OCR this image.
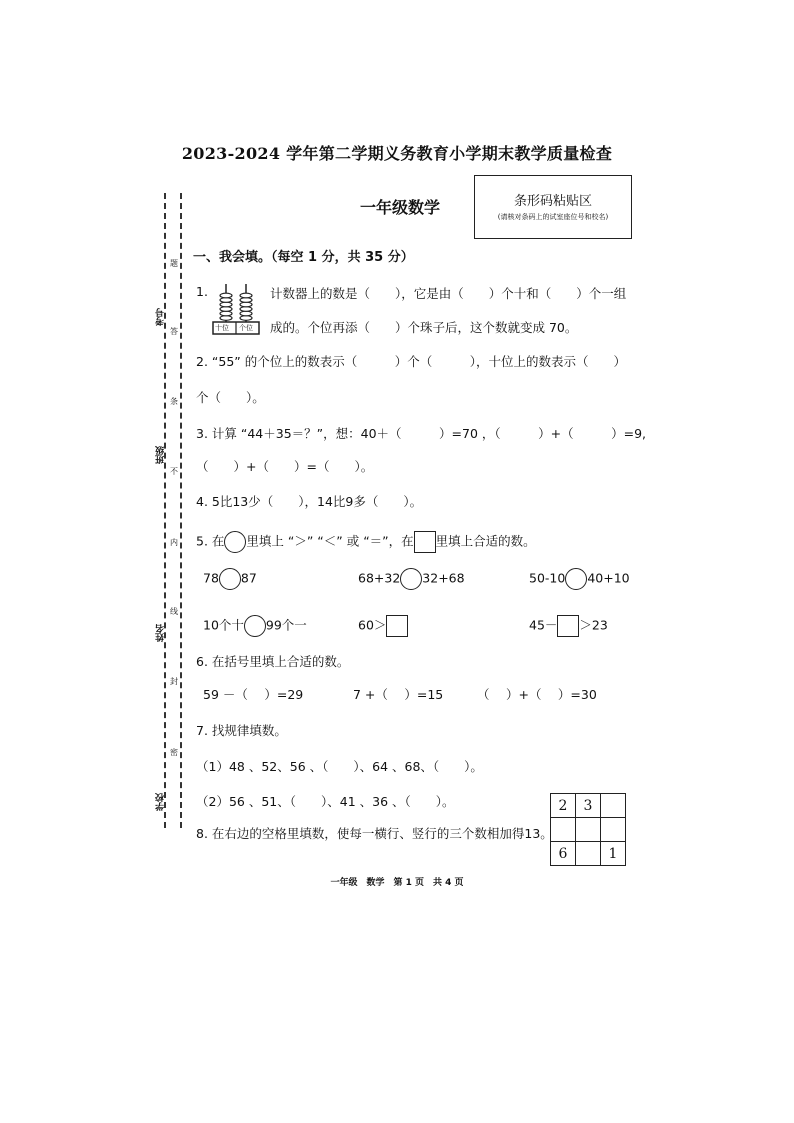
2023-2024 学年第二学期义务教育小学期末教学质量检查
一年级数学	条形码粘贴区
(请核对条码上的试室座位号和校名)
考号
班级
姓名
学校
题
答
条
不
内
线
封
密
一、我会填。（每空 1 分，共 35 分）
1.
十位 个位
计数器上的数是（　　），它是由（　　）个十和（　　）个一组
成的。个位再添（　　）个珠子后，这个数就变成 70。
2. “55” 的个位上的数表示（　　　）个（　　　），十位上的数表示（　　）
个（　　）。
3. 计算 “44＋35＝？”，想：40＋（　　　）=70 ，（　　　）+（　　　）=9,
（　　）+（　　）=（　　）。
4. 5比13少（　　），14比9多（　　）。
5. 在 里填上 “＞” “＜” 或 “＝”，在 里填上合适的数。
78 87	68+32 32+68	50-10 40+10
10个十 99个一	60＞	45－ ＞23
6. 在括号里填上合适的数。
59 －（　 ）=29	7 +（　 ）=15	（　 ）+（　 ）=30
7. 找规律填数。
（1）48 、52、56 、（　　）、64 、68、（　　）。
（2）56 、51、（　　）、41 、36 、（　　）。
8. 在右边的空格里填数，使每一横行、竖行的三个数相加得13。
2	3	

6		1
一年级　数学　第 1 页　共 4 页
